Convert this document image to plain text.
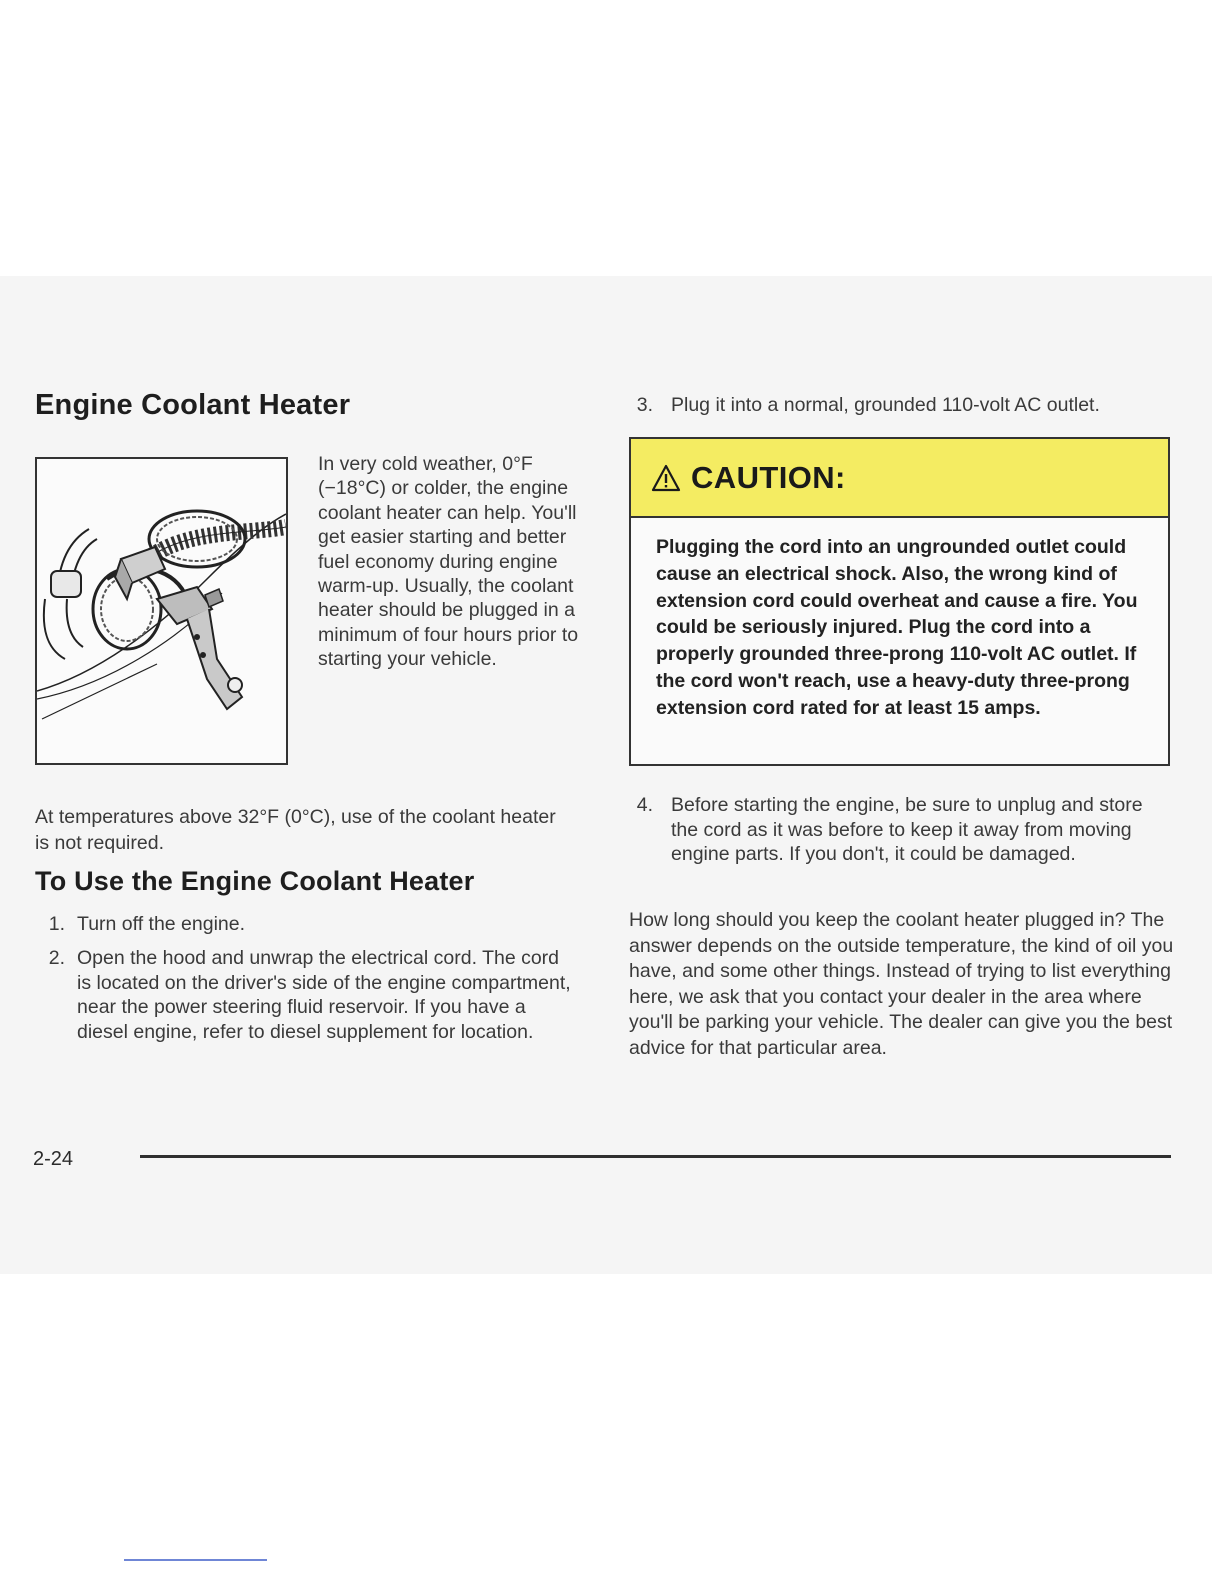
Engine Coolant Heater
In very cold weather, 0°F (−18°C) or colder, the engine coolant heater can help. You'll get easier starting and better fuel economy during engine warm-up. Usually, the coolant heater should be plugged in a minimum of four hours prior to starting your vehicle.
At temperatures above 32°F (0°C), use of the coolant heater is not required.
To Use the Engine Coolant Heater
1. Turn off the engine.
2. Open the hood and unwrap the electrical cord. The cord is located on the driver's side of the engine compartment, near the power steering fluid reservoir. If you have a diesel engine, refer to diesel supplement for location.
3. Plug it into a normal, grounded 110-volt AC outlet.
CAUTION:
Plugging the cord into an ungrounded outlet could cause an electrical shock. Also, the wrong kind of extension cord could overheat and cause a fire. You could be seriously injured. Plug the cord into a properly grounded three-prong 110-volt AC outlet. If the cord won't reach, use a heavy-duty three-prong extension cord rated for at least 15 amps.
4. Before starting the engine, be sure to unplug and store the cord as it was before to keep it away from moving engine parts. If you don't, it could be damaged.
How long should you keep the coolant heater plugged in? The answer depends on the outside temperature, the kind of oil you have, and some other things. Instead of trying to list everything here, we ask that you contact your dealer in the area where you'll be parking your vehicle. The dealer can give you the best advice for that particular area.
2-24
